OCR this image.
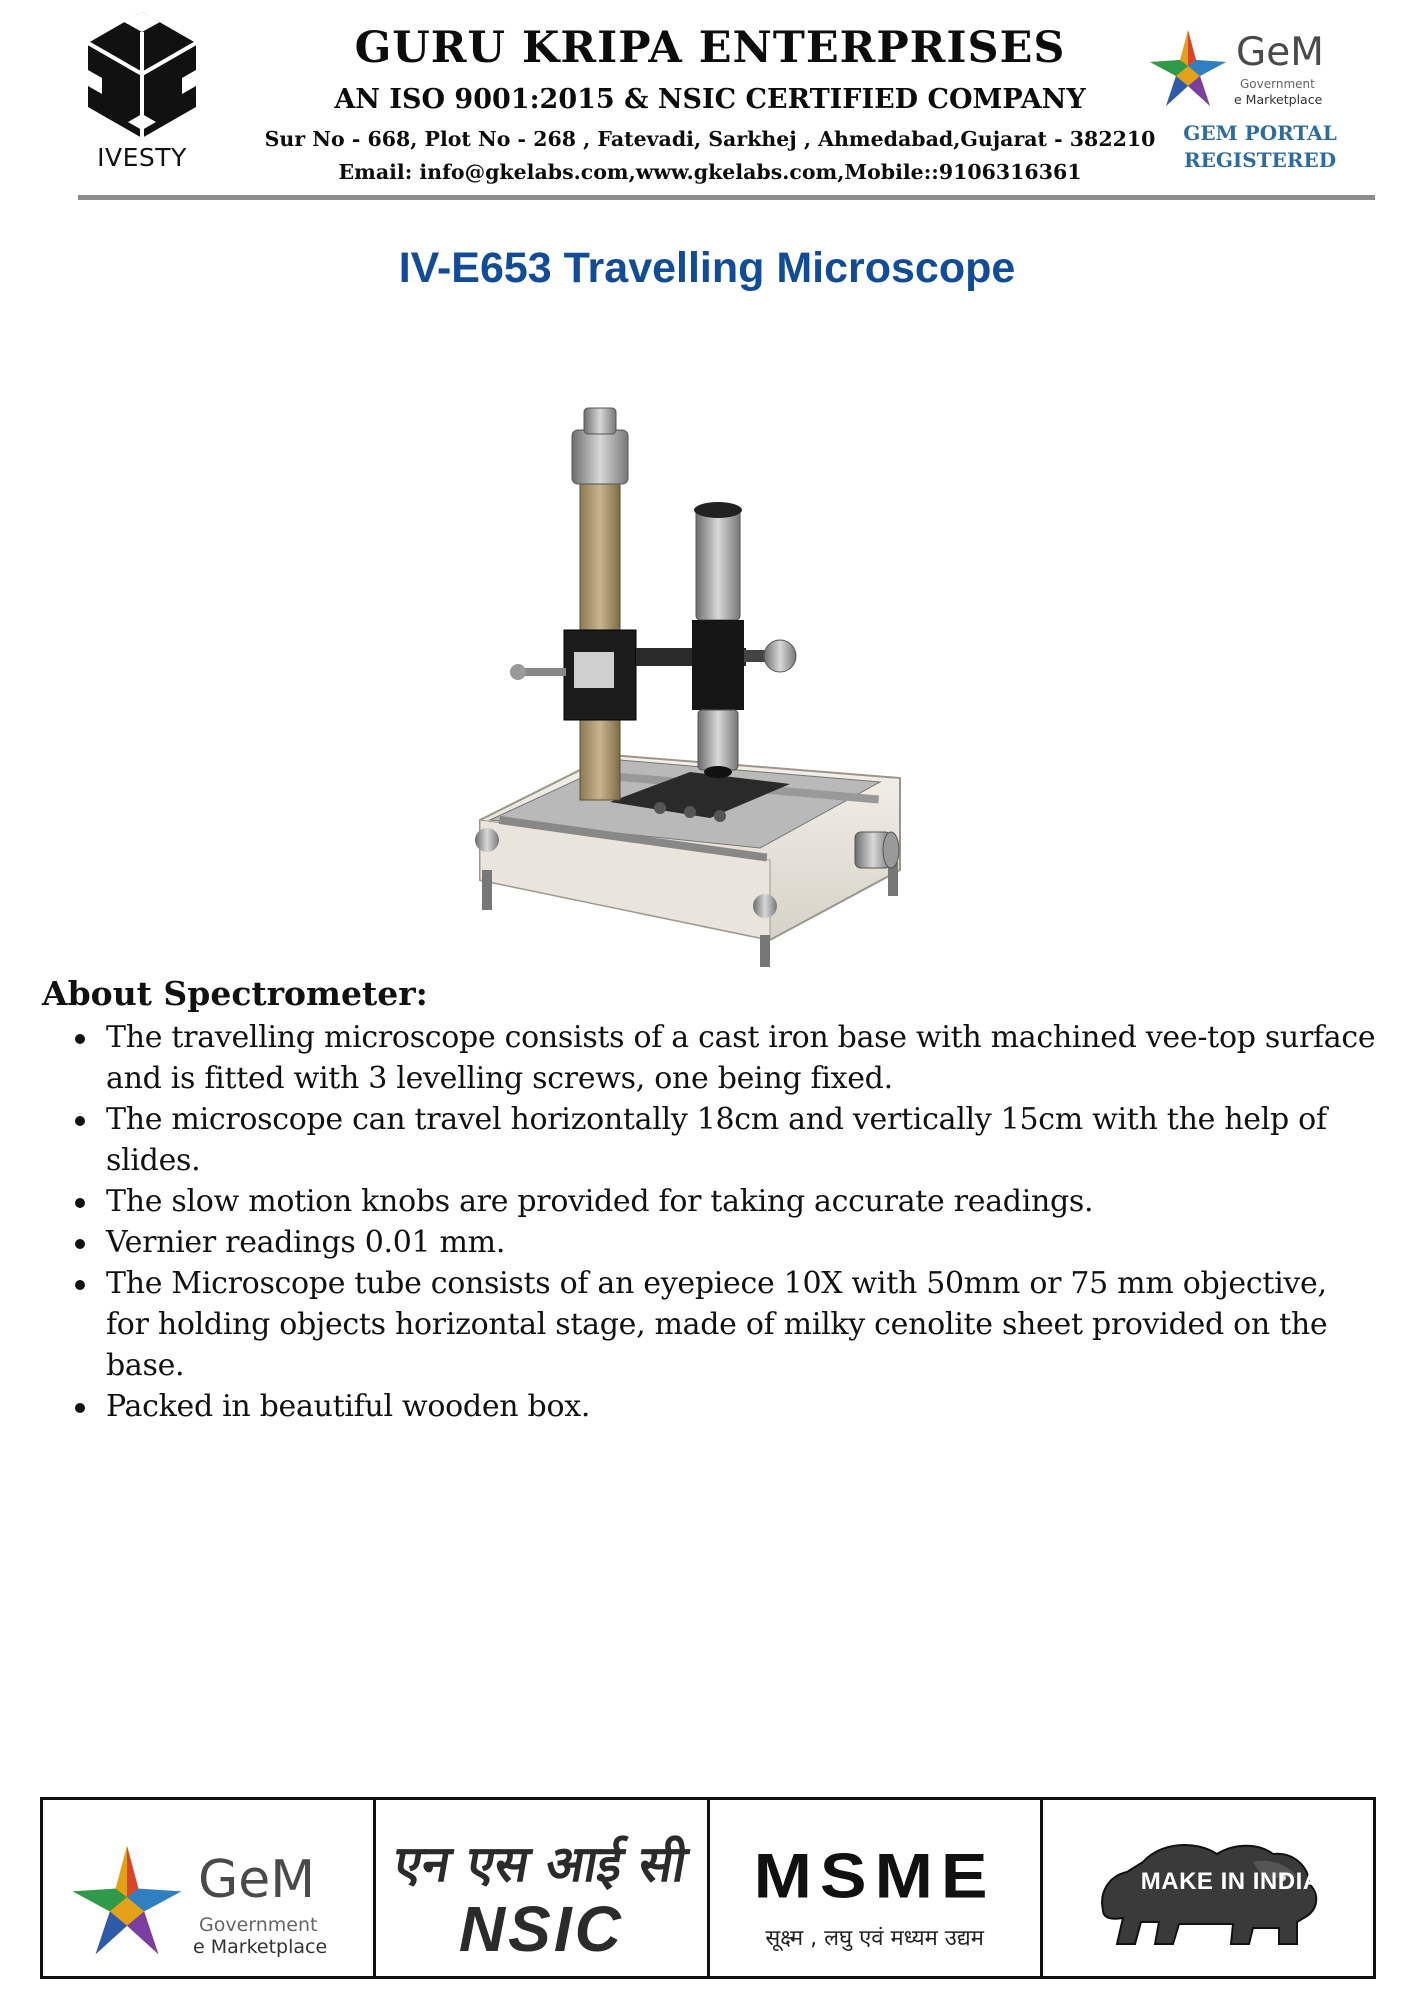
IVESTY
GURU KRIPA ENTERPRISES
AN ISO 9001:2015 & NSIC CERTIFIED COMPANY
Sur No - 668, Plot No - 268 , Fatevadi, Sarkhej , Ahmedabad,Gujarat - 382210
Email: info@gkelabs.com,www.gkelabs.com,Mobile::9106316361
GeM
Government
e Marketplace
GEM PORTAL
REGISTERED
IV-E653 Travelling Microscope
About Spectrometer:
The travelling microscope consists of a cast iron base with machined vee-top surface and is fitted with 3 levelling screws, one being fixed.
The microscope can travel horizontally 18cm and vertically 15cm with the help of slides.
The slow motion knobs are provided for taking accurate readings.
Vernier readings 0.01 mm.
The Microscope tube consists of an eyepiece 10X with 50mm or 75 mm objective, for holding objects horizontal stage, made of milky cenolite sheet provided on the base.
Packed in beautiful wooden box.
GeM
Government
e Marketplace
एन एस आई सी
NSIC
MSME
सूक्ष्म , लघु एवं मध्यम उद्यम
MAKE IN INDIA
